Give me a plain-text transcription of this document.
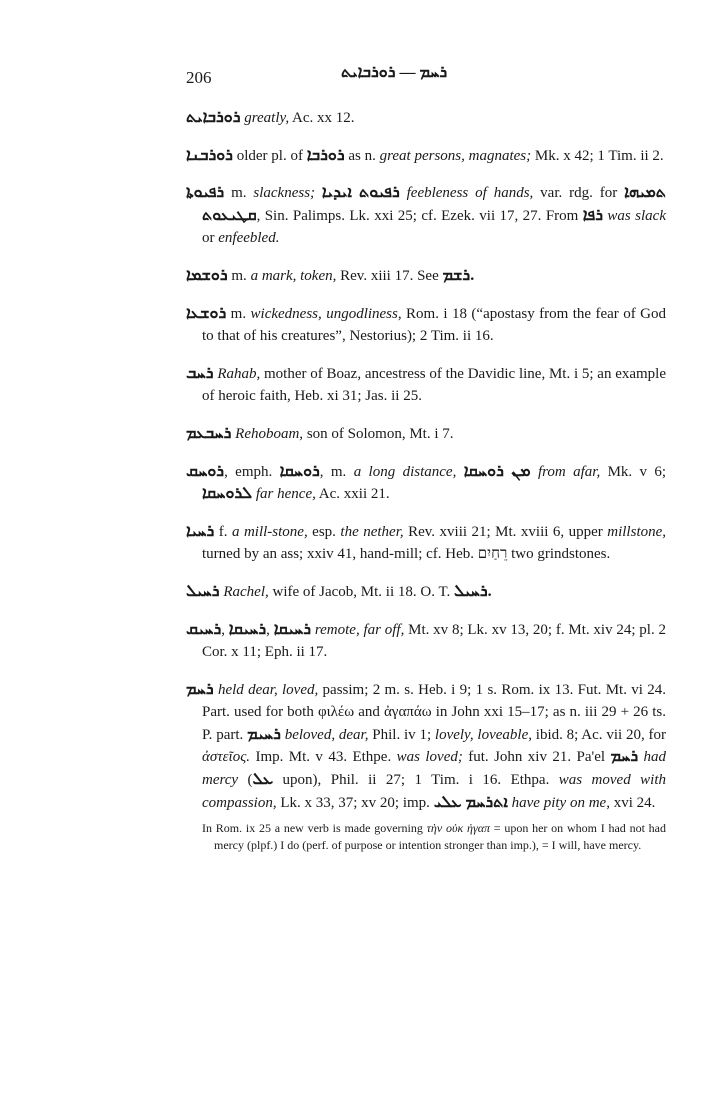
206	ܪܚܡ — ܪܘܪܒܐܝܬ

ܪܘܪܒܐܝܬ greatly, Ac. xx 12.

ܪܘܪܒܢܐ older pl. of ܪܘܪܒܐ as n. great persons, magnates; Mk. x 42; 1 Tim. ii 2.

ܪܦܝܘܬܐ m. slackness; ܪܦܝܘܬ ܐܝܕܝܐ feebleness of hands, var. rdg. for ܬܡܝܗܐ ܩܛܝܥܘܬ, Sin. Palimps. Lk. xxi 25; cf. Ezek. vii 17, 27. From ܪܦܐ was slack or enfeebled.

ܪܘܫܡܐ m. a mark, token, Rev. xiii 17. See ܪܫܡ.

ܪܘܫܥܐ m. wickedness, ungodliness, Rom. i 18 (“apostasy from the fear of God to that of his creatures”, Nestorius); 2 Tim. ii 16.

ܪܚܒ Rahab, mother of Boaz, ancestress of the Davidic line, Mt. i 5; an example of heroic faith, Heb. xi 31; Jas. ii 25.

ܪܚܒܥܡ Rehoboam, son of Solomon, Mt. i 7.

ܪܘܚܩ, emph. ܪܘܚܩܐ, m. a long distance, ܡܢ ܪܘܚܩܐ from afar, Mk. v 6; ܠܪܘܚܩܐ far hence, Ac. xxii 21.

ܪܚܝܐ f. a mill-stone, esp. the nether, Rev. xviii 21; Mt. xviii 6, upper millstone, turned by an ass; xxiv 41, hand-mill; cf. Heb. רֵחַיִם two grindstones.

ܪܚܝܠ Rachel, wife of Jacob, Mt. ii 18. O. T. ܪܚܝܠ.

ܪܚܝܩ, ܪܚܝܩܐ, ܪܚܝܩܐ remote, far off, Mt. xv 8; Lk. xv 13, 20; f. Mt. xiv 24; pl. 2 Cor. x 11; Eph. ii 17.

ܪܚܡ held dear, loved, passim; 2 m. s. Heb. i 9; 1 s. Rom. ix 13. Fut. Mt. vi 24. Part. used for both φιλέω and ἀγαπάω in John xxi 15–17; as n. iii 29 + 26 ts. P. part. ܪܚܝܡ beloved, dear, Phil. iv 1; lovely, loveable, ibid. 8; Ac. vii 20, for ἀστεῖος. Imp. Mt. v 43. Ethpe. was loved; fut. John xiv 21. Pa'el ܪܚܡ had mercy (ܥܠ upon), Phil. ii 27; 1 Tim. i 16. Ethpa. was moved with compassion, Lk. x 33, 37; xv 20; imp. ܐܬܪܚܡ ܥܠܝ have pity on me, xvi 24.

In Rom. ix 25 a new verb is made governing τὴν οὐκ ἠγαπ = upon her on whom I had not had mercy (plpf.) I do (perf. of purpose or intention stronger than imp.), = I will, have mercy.
